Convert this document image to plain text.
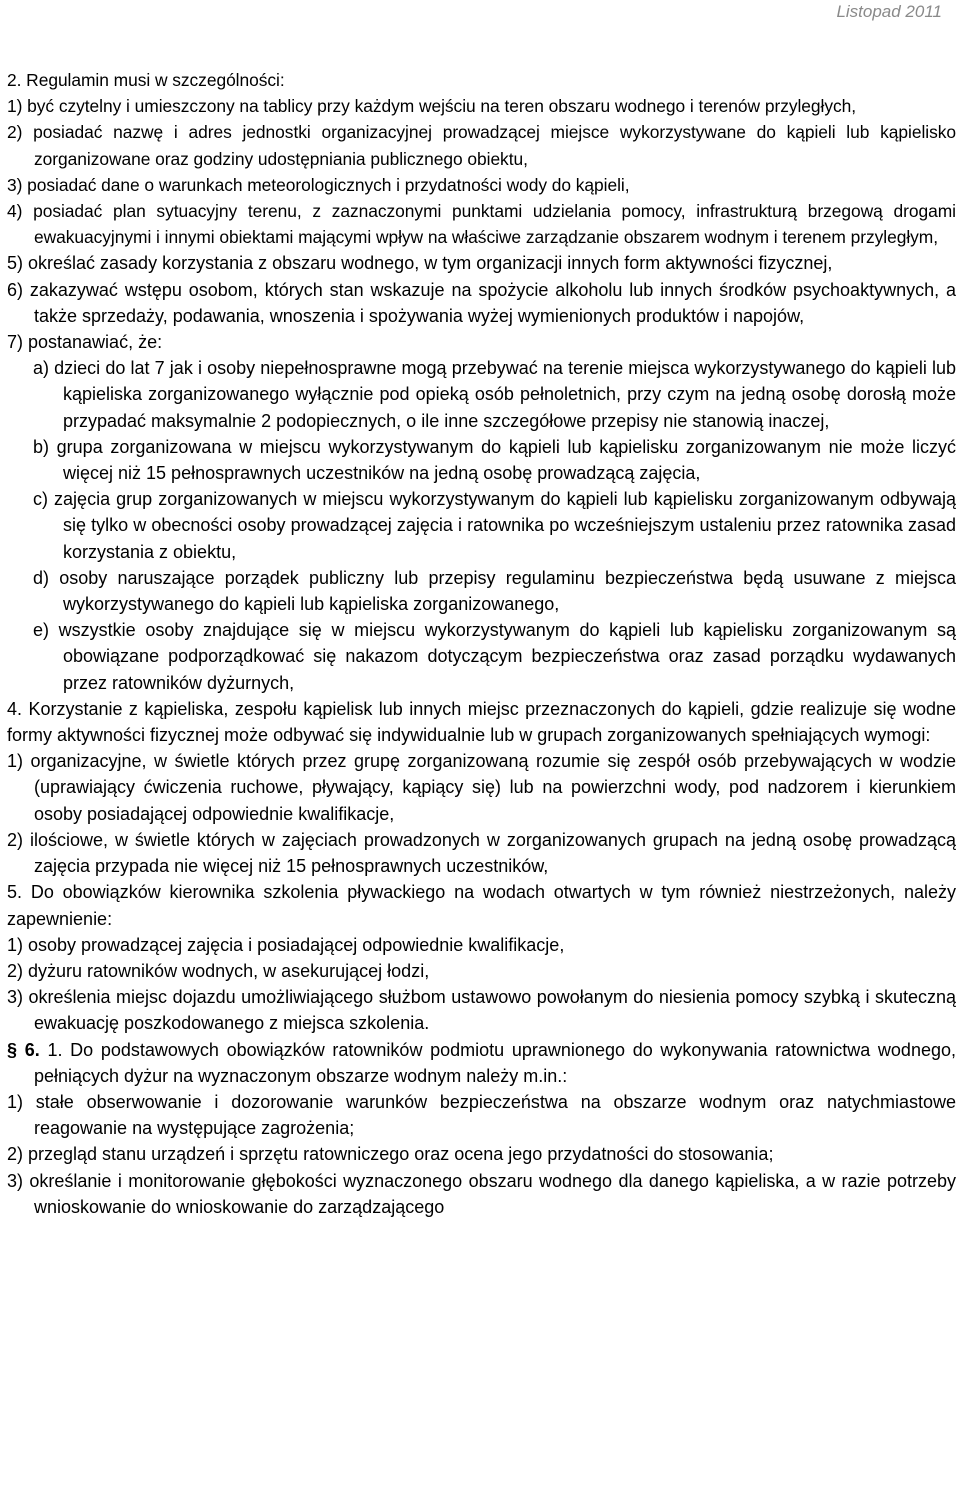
Listopad 2011

2. Regulamin musi w szczególności:

1) być czytelny i umieszczony na tablicy przy każdym wejściu na teren obszaru wodnego i terenów przyległych,

2) posiadać nazwę i adres jednostki organizacyjnej prowadzącej miejsce wykorzystywane do kąpieli lub kąpielisko zorganizowane oraz godziny udostępniania publicznego obiektu,

3) posiadać dane o warunkach meteorologicznych i przydatności wody do kąpieli,

4) posiadać plan sytuacyjny terenu, z zaznaczonymi punktami udzielania pomocy, infrastrukturą brzegową drogami ewakuacyjnymi i innymi obiektami mającymi wpływ na właściwe zarządzanie obszarem wodnym i terenem przyległym,

5) określać zasady korzystania z obszaru wodnego, w tym organizacji innych form aktywności fizycznej,

6) zakazywać wstępu osobom, których stan wskazuje na spożycie alkoholu lub innych środków psychoaktywnych, a także sprzedaży, podawania, wnoszenia i spożywania wyżej wymienionych produktów i napojów,

7) postanawiać, że:

a) dzieci do lat 7 jak i osoby niepełnosprawne mogą przebywać na terenie miejsca wykorzystywanego do kąpieli lub kąpieliska zorganizowanego wyłącznie pod opieką osób pełnoletnich, przy czym na jedną osobę dorosłą może przypadać maksymalnie 2 podopiecznych, o ile inne szczegółowe przepisy nie stanowią inaczej,

b) grupa zorganizowana w miejscu wykorzystywanym do kąpieli lub kąpielisku zorganizowanym nie może liczyć więcej niż 15 pełnosprawnych uczestników na jedną osobę prowadzącą zajęcia,

c) zajęcia grup zorganizowanych w miejscu wykorzystywanym do kąpieli lub kąpielisku zorganizowanym odbywają się tylko w obecności osoby prowadzącej zajęcia i ratownika po wcześniejszym ustaleniu przez ratownika zasad korzystania z obiektu,

d) osoby naruszające porządek publiczny lub przepisy regulaminu bezpieczeństwa będą usuwane z miejsca wykorzystywanego do kąpieli lub kąpieliska zorganizowanego,

e) wszystkie osoby znajdujące się w miejscu wykorzystywanym do kąpieli lub kąpielisku zorganizowanym są obowiązane podporządkować się nakazom dotyczącym bezpieczeństwa oraz zasad porządku wydawanych przez ratowników dyżurnych,

4. Korzystanie z kąpieliska, zespołu kąpielisk lub innych miejsc przeznaczonych do kąpieli, gdzie realizuje się wodne formy aktywności fizycznej może odbywać się indywidualnie lub w grupach zorganizowanych spełniających wymogi:

1) organizacyjne, w świetle których przez grupę zorganizowaną rozumie się zespół osób przebywających w wodzie (uprawiający ćwiczenia ruchowe, pływający, kąpiący się) lub na powierzchni wody, pod nadzorem i kierunkiem osoby posiadającej odpowiednie kwalifikacje,

2) ilościowe, w świetle których w zajęciach prowadzonych w zorganizowanych grupach na jedną osobę prowadzącą zajęcia przypada nie więcej niż 15 pełnosprawnych uczestników,

5. Do obowiązków kierownika szkolenia pływackiego na wodach otwartych w tym również niestrzeżonych, należy zapewnienie:

1) osoby prowadzącej zajęcia i posiadającej odpowiednie kwalifikacje,

2) dyżuru ratowników wodnych, w asekurującej łodzi,

3) określenia miejsc dojazdu umożliwiającego służbom ustawowo powołanym do niesienia pomocy szybką i skuteczną ewakuację poszkodowanego z miejsca szkolenia.

§ 6. 1. Do podstawowych obowiązków ratowników podmiotu uprawnionego do wykonywania ratownictwa wodnego, pełniących dyżur na wyznaczonym obszarze wodnym należy m.in.:

1) stałe obserwowanie i dozorowanie warunków bezpieczeństwa na obszarze wodnym oraz natychmiastowe reagowanie na występujące zagrożenia;

2) przegląd stanu urządzeń i sprzętu ratowniczego oraz ocena jego przydatności do stosowania;

3) określanie i monitorowanie głębokości wyznaczonego obszaru wodnego dla danego kąpieliska, a w razie potrzeby wnioskowanie do wnioskowanie do zarządzającego
